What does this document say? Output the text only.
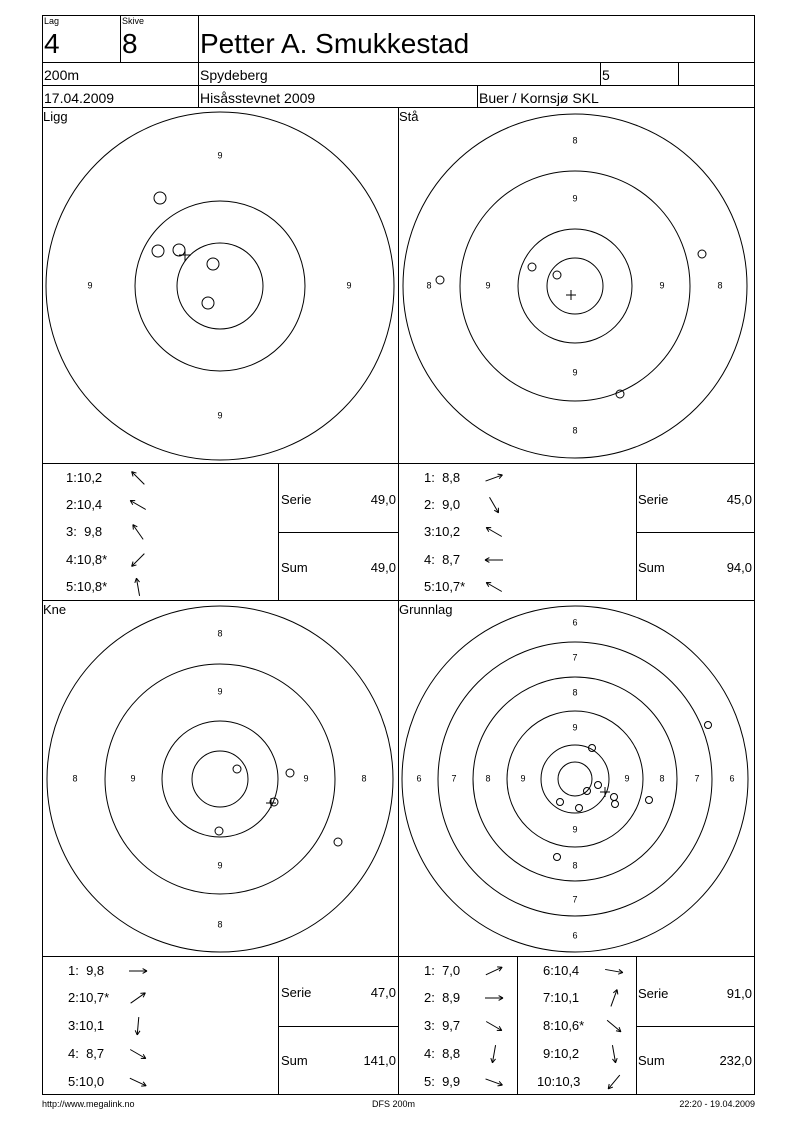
Lag
4
Skive
8 Petter A. Smukkestad
200m	Spydeberg	5
17.04.2009	Hisåsstevnet 2009	Buer / Kornsjø SKL
Ligg	Stå
Kne	Grunnlag
9
9	9
9
8
9
9	9
9
8	8
8
8
9
9	9
9
8	8
8
6
7
8
9
9
8
7
6
6	7	8	9	9	8	7	6
1:10,2
2:10,4
3:  9,8
4:10,8*
5:10,8*
1:  8,8
2:  9,0
3:10,2
4:  8,7
5:10,7*
1:  9,8
2:10,7*
3:10,1
4:  8,7
5:10,0
1:  7,0
2:  8,9
3:  9,7
4:  8,8
5:  9,9
6:10,4
7:10,1
8:10,6*
9:10,2
10:10,3
Serie	49,0
Sum	49,0
Serie	45,0
Sum	94,0
Serie	47,0
Sum	141,0
Serie	91,0
Sum	232,0
http://www.megalink.no	DFS 200m	22:20 - 19.04.2009
